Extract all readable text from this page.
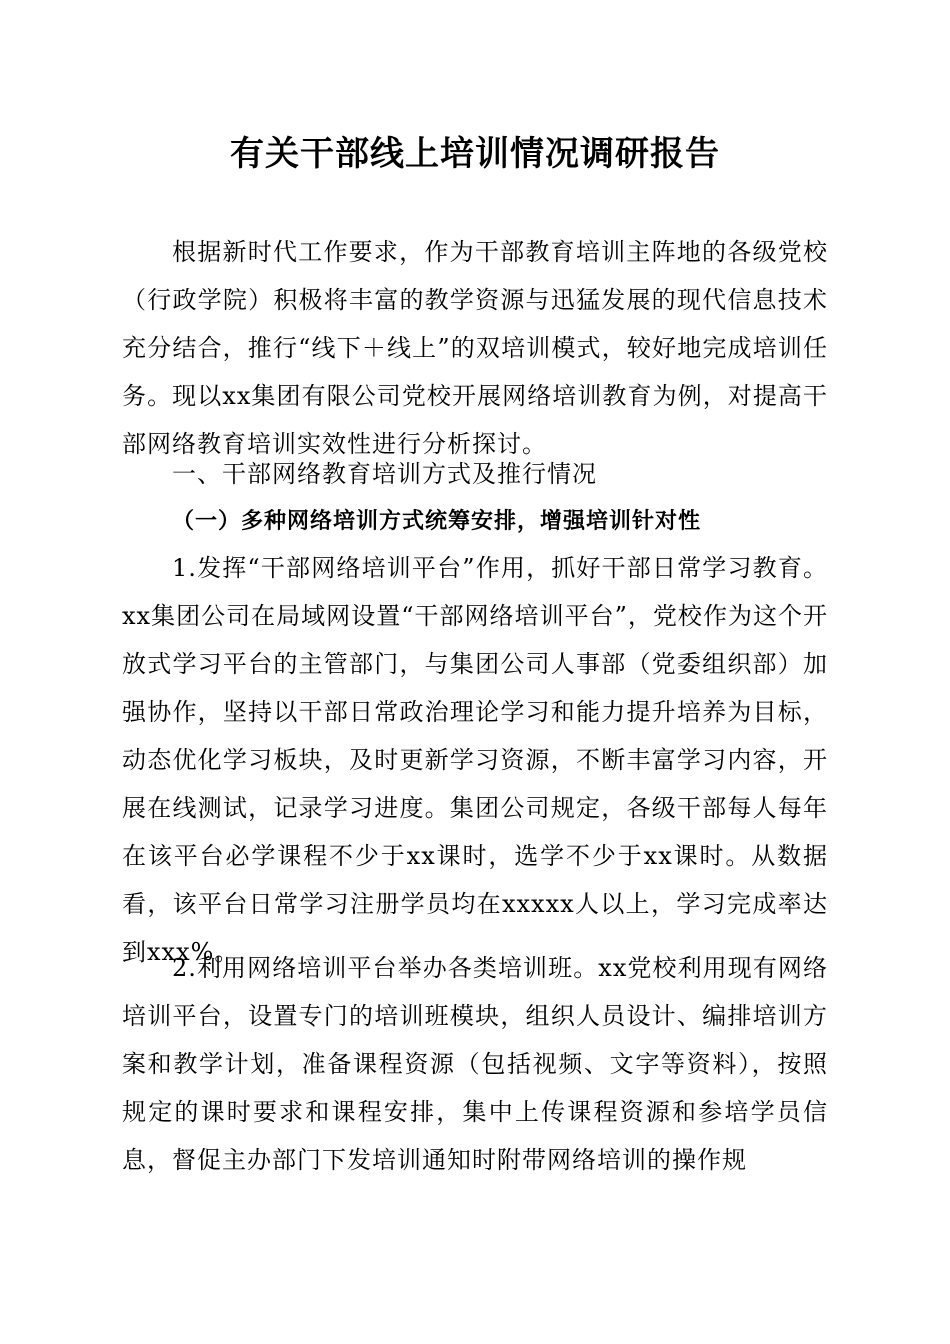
有关干部线上培训情况调研报告

根据新时代工作要求，作为干部教育培训主阵地的各级党校（行政学院）积极将丰富的教学资源与迅猛发展的现代信息技术充分结合，推行“线下＋线上”的双培训模式，较好地完成培训任务。现以xx集团有限公司党校开展网络培训教育为例，对提高干部网络教育培训实效性进行分析探讨。

一、干部网络教育培训方式及推行情况

（一）多种网络培训方式统筹安排，增强培训针对性

1.发挥“干部网络培训平台”作用，抓好干部日常学习教育。xx集团公司在局域网设置“干部网络培训平台”，党校作为这个开放式学习平台的主管部门，与集团公司人事部（党委组织部）加强协作，坚持以干部日常政治理论学习和能力提升培养为目标，动态优化学习板块，及时更新学习资源，不断丰富学习内容，开展在线测试，记录学习进度。集团公司规定，各级干部每人每年在该平台必学课程不少于xx课时，选学不少于xx课时。从数据看，该平台日常学习注册学员均在xxxxx人以上，学习完成率达到xxx%。

2.利用网络培训平台举办各类培训班。xx党校利用现有网络培训平台，设置专门的培训班模块，组织人员设计、编排培训方案和教学计划，准备课程资源（包括视频、文字等资料），按照规定的课时要求和课程安排，集中上传课程资源和参培学员信息，督促主办部门下发培训通知时附带网络培训的操作规
